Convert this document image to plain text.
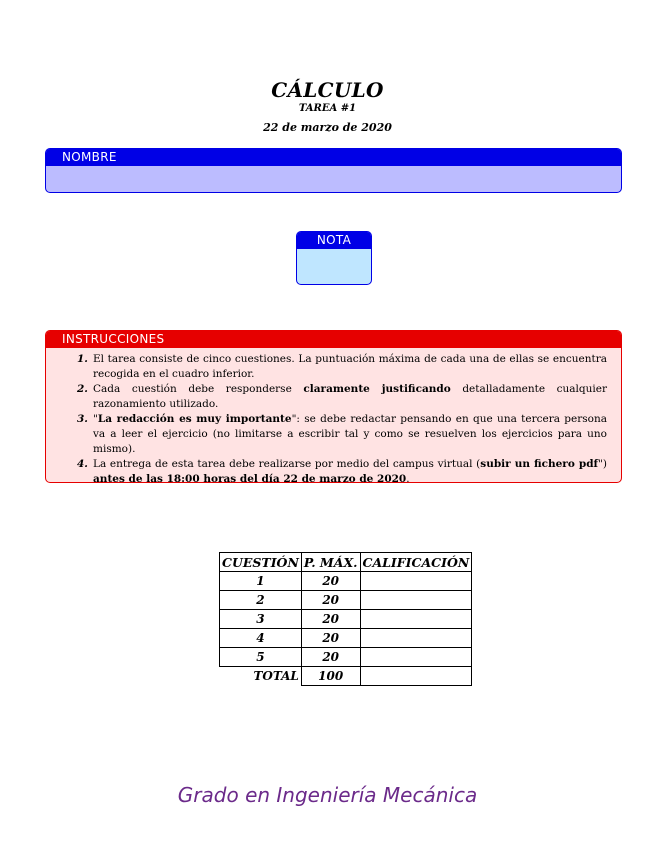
CÁLCULO
TAREA #1
22 de marzo de 2020
NOMBRE
NOTA
INSTRUCCIONES
1. El tarea consiste de cinco cuestiones. La puntuación máxima de cada una de ellas se encuentra recogida en el cuadro inferior.
2. Cada cuestión debe responderse claramente justificando detalladamente cualquier razonamiento utilizado.
3. "La redacción es muy importante": se debe redactar pensando en que una tercera persona va a leer el ejercicio (no limitarse a escribir tal y como se resuelven los ejercicios para uno mismo).
4. La entrega de esta tarea debe realizarse por medio del campus virtual (subir un fichero pdf") antes de las 18:00 horas del día 22 de marzo de 2020.
CUESTIÓN	P. MÁX.	CALIFICACIÓN
1	20	
2	20	
3	20	
4	20	
5	20	
TOTAL	100	
Grado en Ingeniería Mecánica
